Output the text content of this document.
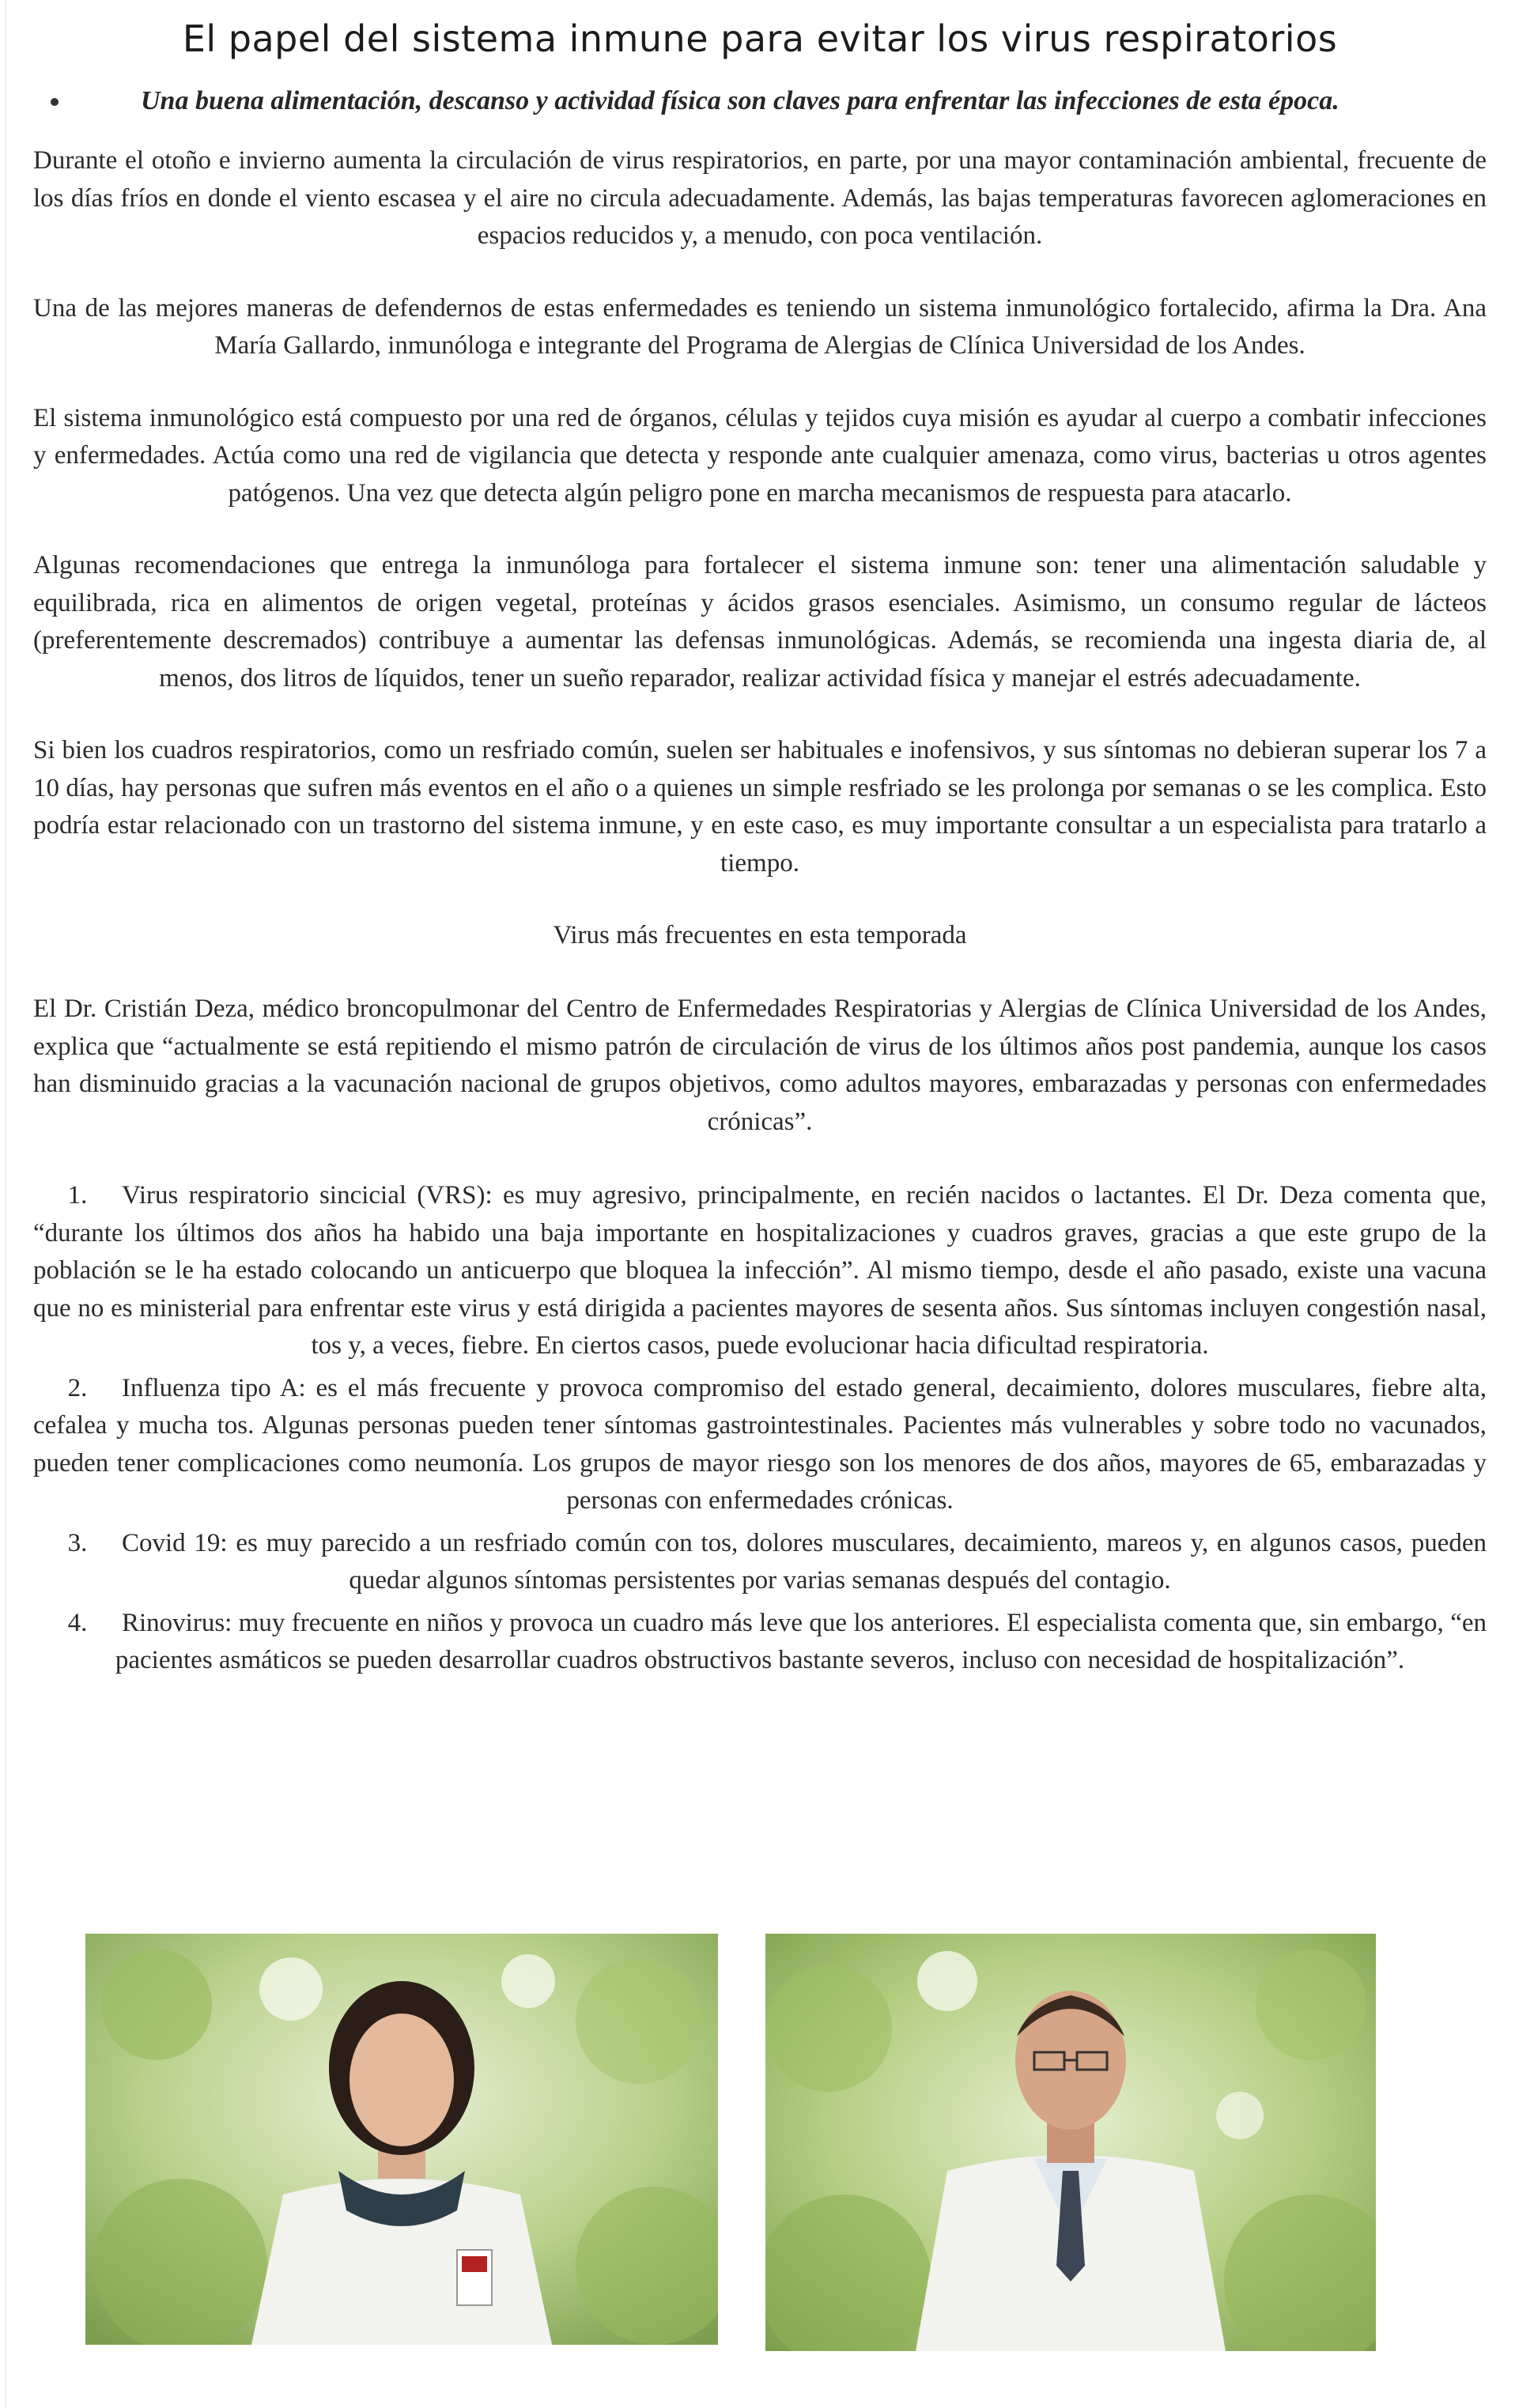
El papel del sistema inmune para evitar los virus respiratorios
Una buena alimentación, descanso y actividad física son claves para enfrentar las infecciones de esta época.

Durante el otoño e invierno aumenta la circulación de virus respiratorios, en parte, por una mayor contaminación ambiental, frecuente de los días fríos en donde el viento escasea y el aire no circula adecuadamente. Además, las bajas temperaturas favorecen aglomeraciones en espacios reducidos y, a menudo, con poca ventilación.

Una de las mejores maneras de defendernos de estas enfermedades es teniendo un sistema inmunológico fortalecido, afirma la Dra. Ana María Gallardo, inmunóloga e integrante del Programa de Alergias de Clínica Universidad de los Andes.

El sistema inmunológico está compuesto por una red de órganos, células y tejidos cuya misión es ayudar al cuerpo a combatir infecciones y enfermedades. Actúa como una red de vigilancia que detecta y responde ante cualquier amenaza, como virus, bacterias u otros agentes patógenos. Una vez que detecta algún peligro pone en marcha mecanismos de respuesta para atacarlo.

Algunas recomendaciones que entrega la inmunóloga para fortalecer el sistema inmune son: tener una alimentación saludable y equilibrada, rica en alimentos de origen vegetal, proteínas y ácidos grasos esenciales. Asimismo, un consumo regular de lácteos (preferentemente descremados) contribuye a aumentar las defensas inmunológicas. Además, se recomienda una ingesta diaria de, al menos, dos litros de líquidos, tener un sueño reparador, realizar actividad física y manejar el estrés adecuadamente.

Si bien los cuadros respiratorios, como un resfriado común, suelen ser habituales e inofensivos, y sus síntomas no debieran superar los 7 a 10 días, hay personas que sufren más eventos en el año o a quienes un simple resfriado se les prolonga por semanas o se les complica. Esto podría estar relacionado con un trastorno del sistema inmune, y en este caso, es muy importante consultar a un especialista para tratarlo a tiempo.

Virus más frecuentes en esta temporada

El Dr. Cristián Deza, médico broncopulmonar del Centro de Enfermedades Respiratorias y Alergias de Clínica Universidad de los Andes, explica que “actualmente se está repitiendo el mismo patrón de circulación de virus de los últimos años post pandemia, aunque los casos han disminuido gracias a la vacunación nacional de grupos objetivos, como adultos mayores, embarazadas y personas con enfermedades crónicas”.

1. Virus respiratorio sincicial (VRS): es muy agresivo, principalmente, en recién nacidos o lactantes. El Dr. Deza comenta que, “durante los últimos dos años ha habido una baja importante en hospitalizaciones y cuadros graves, gracias a que este grupo de la población se le ha estado colocando un anticuerpo que bloquea la infección”. Al mismo tiempo, desde el año pasado, existe una vacuna que no es ministerial para enfrentar este virus y está dirigida a pacientes mayores de sesenta años. Sus síntomas incluyen congestión nasal, tos y, a veces, fiebre. En ciertos casos, puede evolucionar hacia dificultad respiratoria.
2. Influenza tipo A: es el más frecuente y provoca compromiso del estado general, decaimiento, dolores musculares, fiebre alta, cefalea y mucha tos. Algunas personas pueden tener síntomas gastrointestinales. Pacientes más vulnerables y sobre todo no vacunados, pueden tener complicaciones como neumonía. Los grupos de mayor riesgo son los menores de dos años, mayores de 65, embarazadas y personas con enfermedades crónicas.
3. Covid 19: es muy parecido a un resfriado común con tos, dolores musculares, decaimiento, mareos y, en algunos casos, pueden quedar algunos síntomas persistentes por varias semanas después del contagio.
4. Rinovirus: muy frecuente en niños y provoca un cuadro más leve que los anteriores. El especialista comenta que, sin embargo, “en pacientes asmáticos se pueden desarrollar cuadros obstructivos bastante severos, incluso con necesidad de hospitalización”.
